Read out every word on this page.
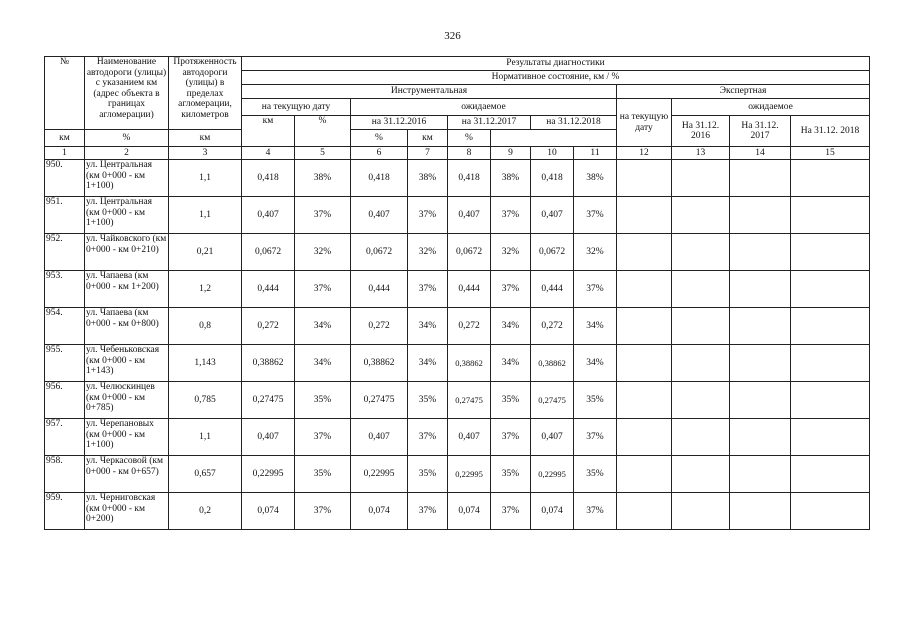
326
№	Наименование автодороги (улицы) с указанием км (адрес объекта в границах агломерации)	Протяженность автодороги (улицы) в пределах агломерации, километров	Результаты диагностики											
			Нормативное состояние, км / %											
			Инструментальная								Экспертная			
			на текущую дату		ожидаемое						на текущую дату	ожидаемое		
			км	%	на 31.12.2016		на 31.12.2017		на 31.12.2018			На 31.12. 2016	На 31.12. 2017	На 31.12. 2018
км	%	км			%	км	%							
1	2	3	4	5	6	7	8	9	10	11	12	13	14	15
950.	ул. Центральная (км 0+000 - км 1+100)	1,1	0,418	38%	0,418	38%	0,418	38%	0,418	38%				
951.	ул. Центральная (км 0+000 - км 1+100)	1,1	0,407	37%	0,407	37%	0,407	37%	0,407	37%				
952.	ул. Чайковского (км 0+000 - км 0+210)	0,21	0,0672	32%	0,0672	32%	0,0672	32%	0,0672	32%				
953.	ул. Чапаева (км 0+000 - км 1+200)	1,2	0,444	37%	0,444	37%	0,444	37%	0,444	37%				
954.	ул. Чапаева (км 0+000 - км 0+800)	0,8	0,272	34%	0,272	34%	0,272	34%	0,272	34%				
955.	ул. Чебеньковская (км 0+000 - км 1+143)	1,143	0,38862	34%	0,38862	34%	0,38862	34%	0,38862	34%				
956.	ул. Челюскинцев (км 0+000 - км 0+785)	0,785	0,27475	35%	0,27475	35%	0,27475	35%	0,27475	35%				
957.	ул. Черепановых (км 0+000 - км 1+100)	1,1	0,407	37%	0,407	37%	0,407	37%	0,407	37%				
958.	ул. Черкасовой (км 0+000 - км 0+657)	0,657	0,22995	35%	0,22995	35%	0,22995	35%	0,22995	35%				
959.	ул. Черниговская (км 0+000 - км 0+200)	0,2	0,074	37%	0,074	37%	0,074	37%	0,074	37%				
